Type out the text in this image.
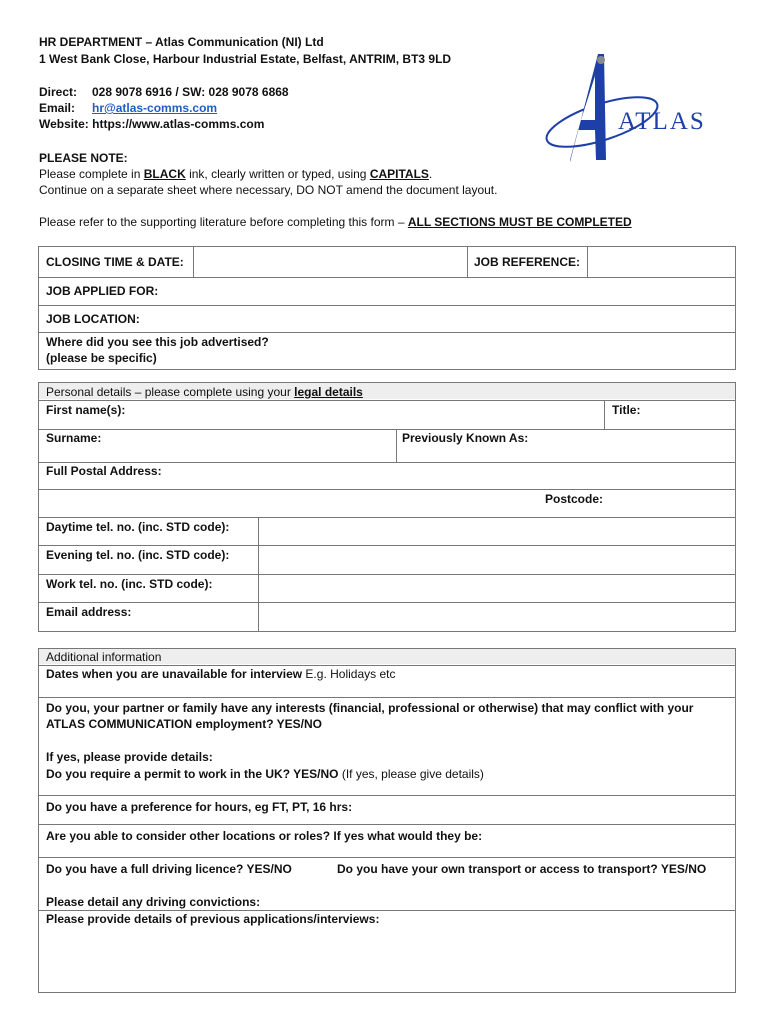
HR DEPARTMENT – Atlas Communication (NI) Ltd
1 West Bank Close, Harbour Industrial Estate, Belfast, ANTRIM, BT3 9LD
Direct: 028 9078 6916 / SW: 028 9078 6868
Email: hr@atlas-comms.com
Website: https://www.atlas-comms.com	ATLAS
PLEASE NOTE:
Please complete in BLACK ink, clearly written or typed, using CAPITALS.
Continue on a separate sheet where necessary, DO NOT amend the document layout.
Please refer to the supporting literature before completing this form – ALL SECTIONS MUST BE COMPLETED
CLOSING TIME & DATE:	JOB REFERENCE:
JOB APPLIED FOR:
JOB LOCATION:
Where did you see this job advertised?
(please be specific)
Personal details – please complete using your legal details
First name(s):	Title:
Surname:	Previously Known As:
Full Postal Address:
Postcode:
Daytime tel. no. (inc. STD code):
Evening tel. no. (inc. STD code):
Work tel. no. (inc. STD code):
Email address:
Additional information
Dates when you are unavailable for interview E.g. Holidays etc
Do you, your partner or family have any interests (financial, professional or otherwise) that may conflict with your
ATLAS COMMUNICATION employment? YES/NO
If yes, please provide details:
Do you require a permit to work in the UK? YES/NO (If yes, please give details)
Do you have a preference for hours, eg FT, PT, 16 hrs:
Are you able to consider other locations or roles? If yes what would they be:
Do you have a full driving licence? YES/NO	Do you have your own transport or access to transport? YES/NO
Please detail any driving convictions:
Please provide details of previous applications/interviews:
